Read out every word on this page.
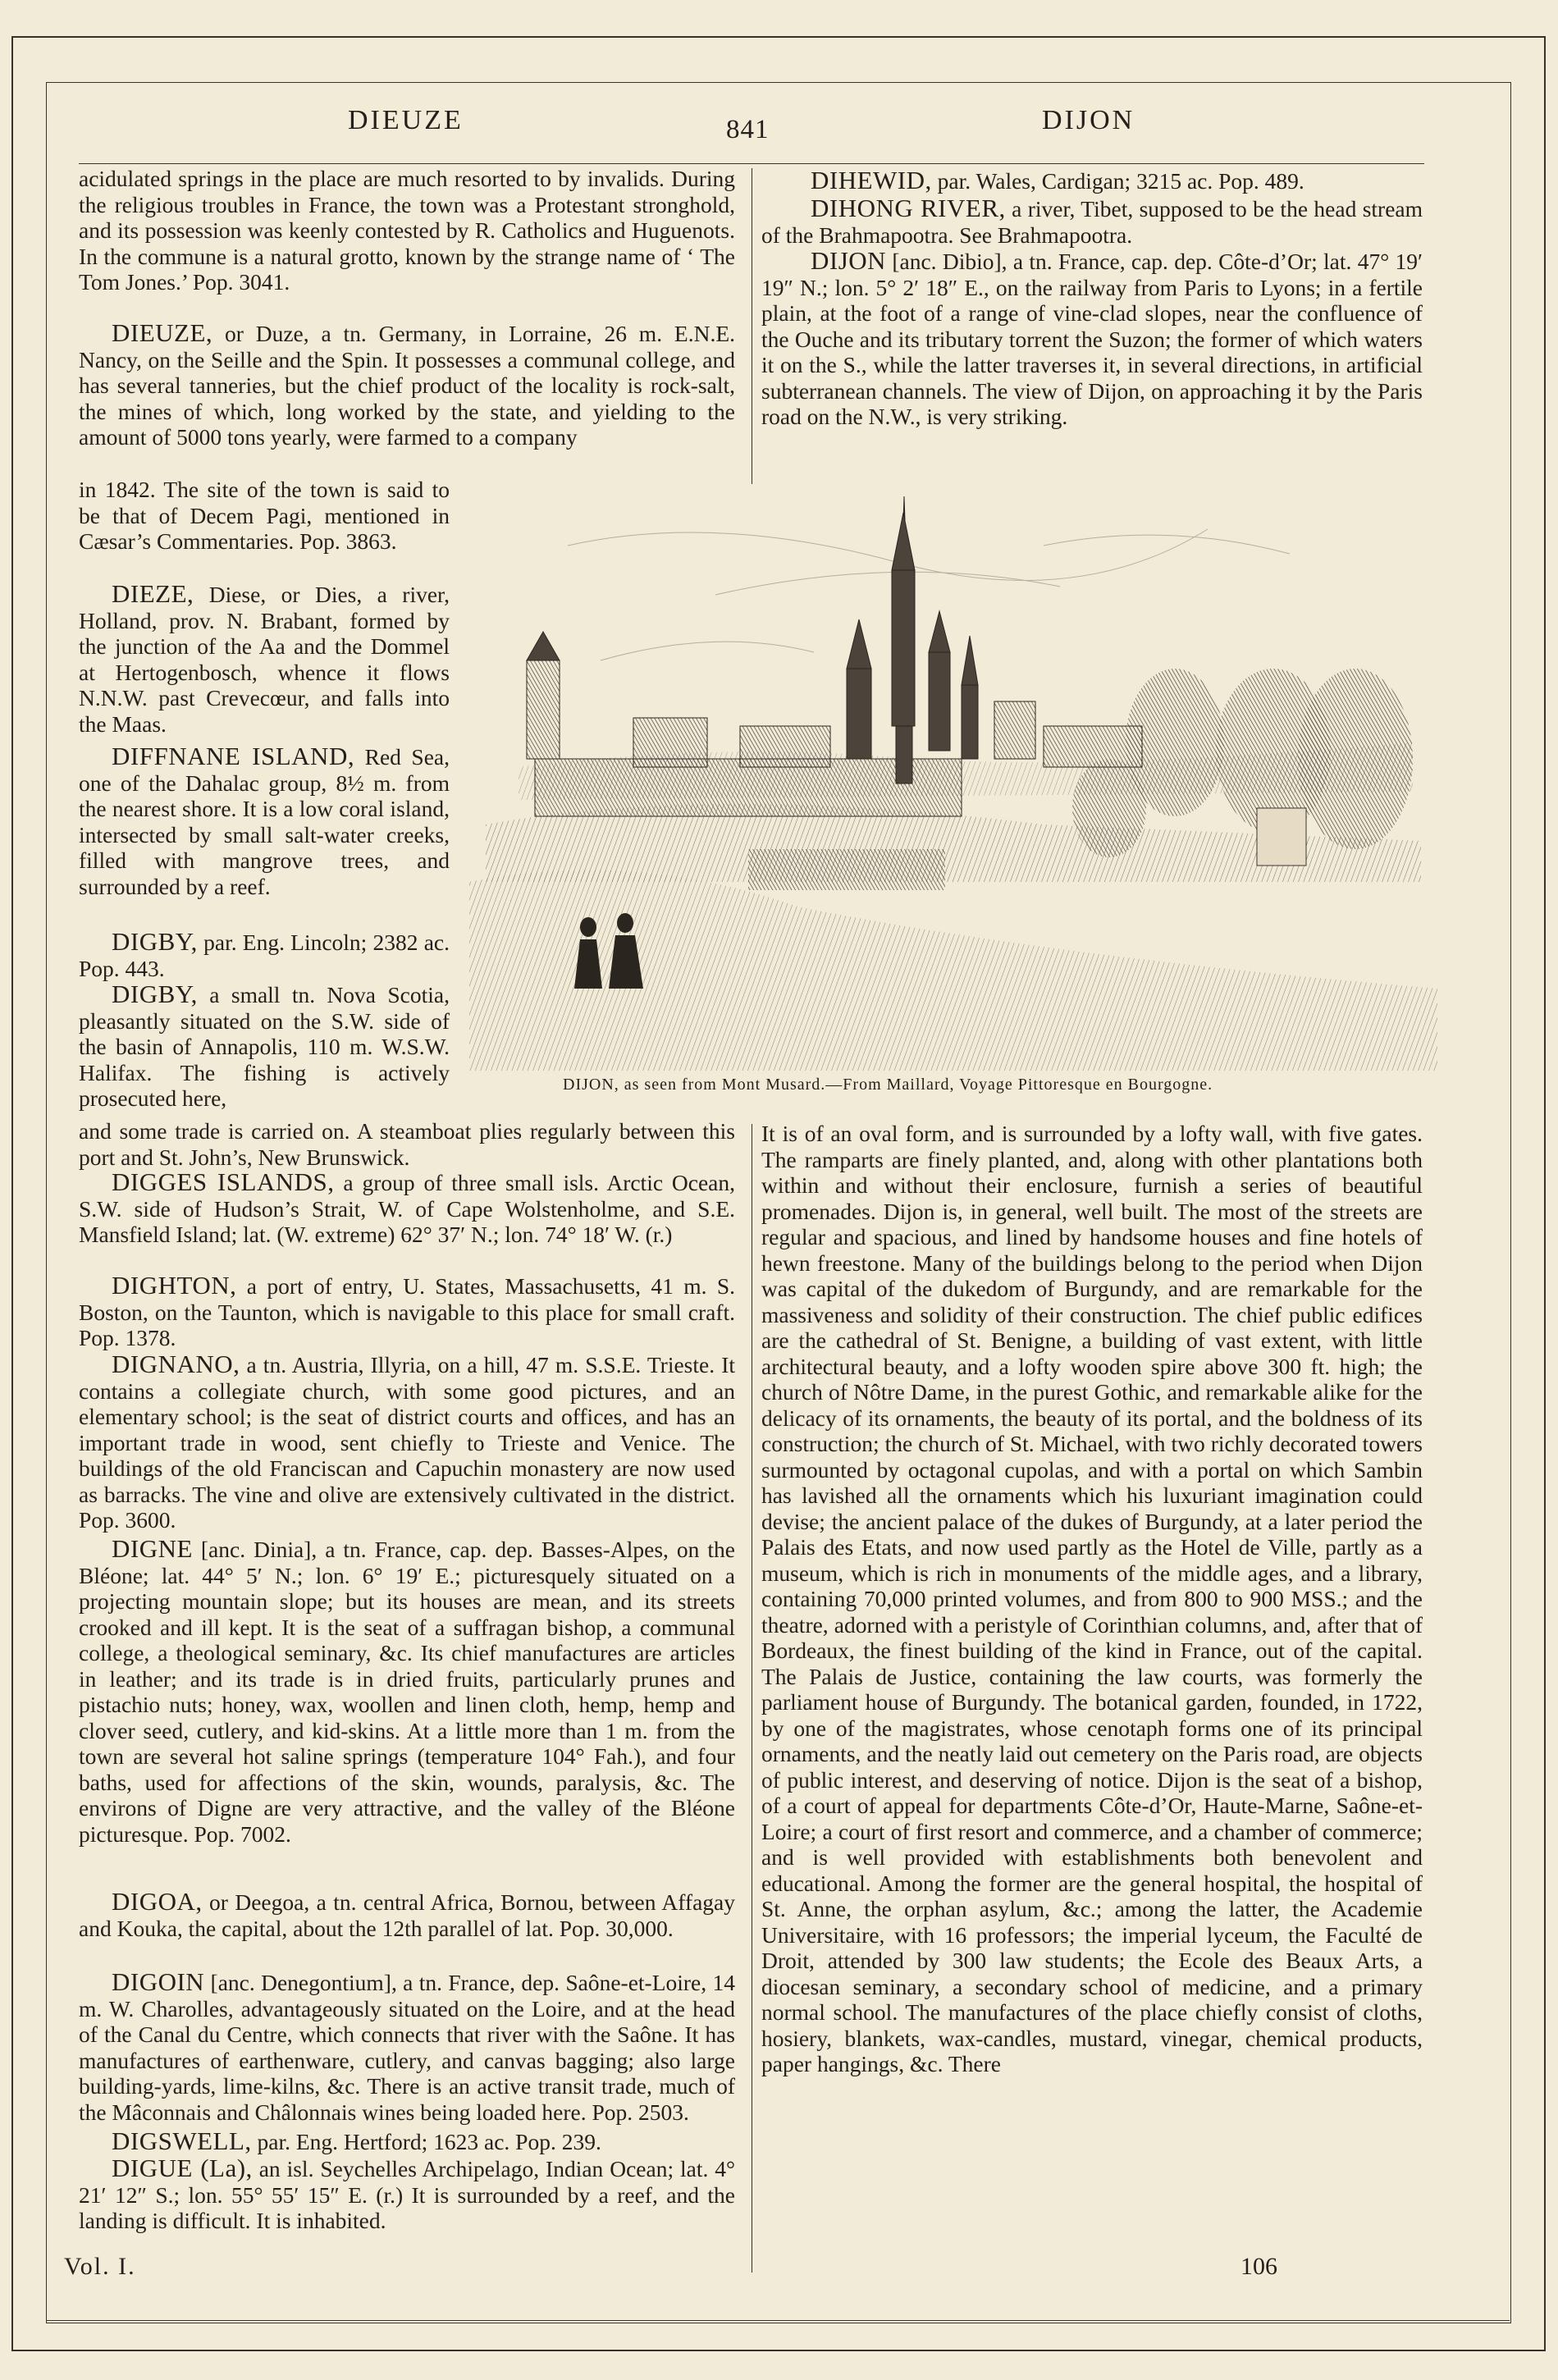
DIEUZE	841	DIJON

acidulated springs in the place are much resorted to by invalids. During the religious troubles in France, the town was a Protestant stronghold, and its possession was keenly contested by R. Catholics and Huguenots. In the commune is a natural grotto, known by the strange name of ‘ The Tom Jones.’ Pop. 3041.

DIEUZE, or Duze, a tn. Germany, in Lorraine, 26 m. E.N.E. Nancy, on the Seille and the Spin. It possesses a communal college, and has several tanneries, but the chief product of the locality is rock-salt, the mines of which, long worked by the state, and yielding to the amount of 5000 tons yearly, were farmed to a company

in 1842. The site of the town is said to be that of Decem Pagi, mentioned in Cæsar’s Commentaries. Pop. 3863.

DIEZE, Diese, or Dies, a river, Holland, prov. N. Brabant, formed by the junction of the Aa and the Dommel at Hertogenbosch, whence it flows N.N.W. past Crevecœur, and falls into the Maas.

DIFFNANE ISLAND, Red Sea, one of the Dahalac group, 8½ m. from the nearest shore. It is a low coral island, intersected by small salt-water creeks, filled with mangrove trees, and surrounded by a reef.

DIGBY, par. Eng. Lincoln; 2382 ac. Pop. 443.

DIGBY, a small tn. Nova Scotia, pleasantly situated on the S.W. side of the basin of Annapolis, 110 m. W.S.W. Halifax. The fishing is actively prosecuted here,

and some trade is carried on. A steamboat plies regularly between this port and St. John’s, New Brunswick.

DIGGES ISLANDS, a group of three small isls. Arctic Ocean, S.W. side of Hudson’s Strait, W. of Cape Wolstenholme, and S.E. Mansfield Island; lat. (W. extreme) 62° 37′ N.; lon. 74° 18′ W. (r.)

DIGHTON, a port of entry, U. States, Massachusetts, 41 m. S. Boston, on the Taunton, which is navigable to this place for small craft. Pop. 1378.

DIGNANO, a tn. Austria, Illyria, on a hill, 47 m. S.S.E. Trieste. It contains a collegiate church, with some good pictures, and an elementary school; is the seat of district courts and offices, and has an important trade in wood, sent chiefly to Trieste and Venice. The buildings of the old Franciscan and Capuchin monastery are now used as barracks. The vine and olive are extensively cultivated in the district. Pop. 3600.

DIGNE [anc. Dinia], a tn. France, cap. dep. Basses-Alpes, on the Bléone; lat. 44° 5′ N.; lon. 6° 19′ E.; picturesquely situated on a projecting mountain slope; but its houses are mean, and its streets crooked and ill kept. It is the seat of a suffragan bishop, a communal college, a theological seminary, &c. Its chief manufactures are articles in leather; and its trade is in dried fruits, particularly prunes and pistachio nuts; honey, wax, woollen and linen cloth, hemp, hemp and clover seed, cutlery, and kid-skins. At a little more than 1 m. from the town are several hot saline springs (temperature 104° Fah.), and four baths, used for affections of the skin, wounds, paralysis, &c. The environs of Digne are very attractive, and the valley of the Bléone picturesque. Pop. 7002.

DIGOA, or Deegoa, a tn. central Africa, Bornou, between Affagay and Kouka, the capital, about the 12th parallel of lat. Pop. 30,000.

DIGOIN [anc. Denegontium], a tn. France, dep. Saône-et-Loire, 14 m. W. Charolles, advantageously situated on the Loire, and at the head of the Canal du Centre, which connects that river with the Saône. It has manufactures of earthenware, cutlery, and canvas bagging; also large building-yards, lime-kilns, &c. There is an active transit trade, much of the Mâconnais and Châlonnais wines being loaded here. Pop. 2503.

DIGSWELL, par. Eng. Hertford; 1623 ac. Pop. 239.

DIGUE (La), an isl. Seychelles Archipelago, Indian Ocean; lat. 4° 21′ 12″ S.; lon. 55° 55′ 15″ E. (r.) It is surrounded by a reef, and the landing is difficult. It is inhabited.

DIHEWID, par. Wales, Cardigan; 3215 ac. Pop. 489.

DIHONG RIVER, a river, Tibet, supposed to be the head stream of the Brahmapootra. See Brahmapootra.

DIJON [anc. Dibio], a tn. France, cap. dep. Côte-d’Or; lat. 47° 19′ 19″ N.; lon. 5° 2′ 18″ E., on the railway from Paris to Lyons; in a fertile plain, at the foot of a range of vine-clad slopes, near the confluence of the Ouche and its tributary torrent the Suzon; the former of which waters it on the S., while the latter traverses it, in several directions, in artificial subterranean channels. The view of Dijon, on approaching it by the Paris road on the N.W., is very striking.

DIJON, as seen from Mont Musard.—From Maillard, Voyage Pittoresque en Bourgogne.

It is of an oval form, and is surrounded by a lofty wall, with five gates. The ramparts are finely planted, and, along with other plantations both within and without their enclosure, furnish a series of beautiful promenades. Dijon is, in general, well built. The most of the streets are regular and spacious, and lined by handsome houses and fine hotels of hewn freestone. Many of the buildings belong to the period when Dijon was capital of the dukedom of Burgundy, and are remarkable for the massiveness and solidity of their construction. The chief public edifices are the cathedral of St. Benigne, a building of vast extent, with little architectural beauty, and a lofty wooden spire above 300 ft. high; the church of Nôtre Dame, in the purest Gothic, and remarkable alike for the delicacy of its ornaments, the beauty of its portal, and the boldness of its construction; the church of St. Michael, with two richly decorated towers surmounted by octagonal cupolas, and with a portal on which Sambin has lavished all the ornaments which his luxuriant imagination could devise; the ancient palace of the dukes of Burgundy, at a later period the Palais des Etats, and now used partly as the Hotel de Ville, partly as a museum, which is rich in monuments of the middle ages, and a library, containing 70,000 printed volumes, and from 800 to 900 MSS.; and the theatre, adorned with a peristyle of Corinthian columns, and, after that of Bordeaux, the finest building of the kind in France, out of the capital. The Palais de Justice, containing the law courts, was formerly the parliament house of Burgundy. The botanical garden, founded, in 1722, by one of the magistrates, whose cenotaph forms one of its principal ornaments, and the neatly laid out cemetery on the Paris road, are objects of public interest, and deserving of notice. Dijon is the seat of a bishop, of a court of appeal for departments Côte-d’Or, Haute-Marne, Saône-et-Loire; a court of first resort and commerce, and a chamber of commerce; and is well provided with establishments both benevolent and educational. Among the former are the general hospital, the hospital of St. Anne, the orphan asylum, &c.; among the latter, the Academie Universitaire, with 16 professors; the imperial lyceum, the Faculté de Droit, attended by 300 law students; the Ecole des Beaux Arts, a diocesan seminary, a secondary school of medicine, and a primary normal school. The manufactures of the place chiefly consist of cloths, hosiery, blankets, wax-candles, mustard, vinegar, chemical products, paper hangings, &c. There

Vol. I.	106
